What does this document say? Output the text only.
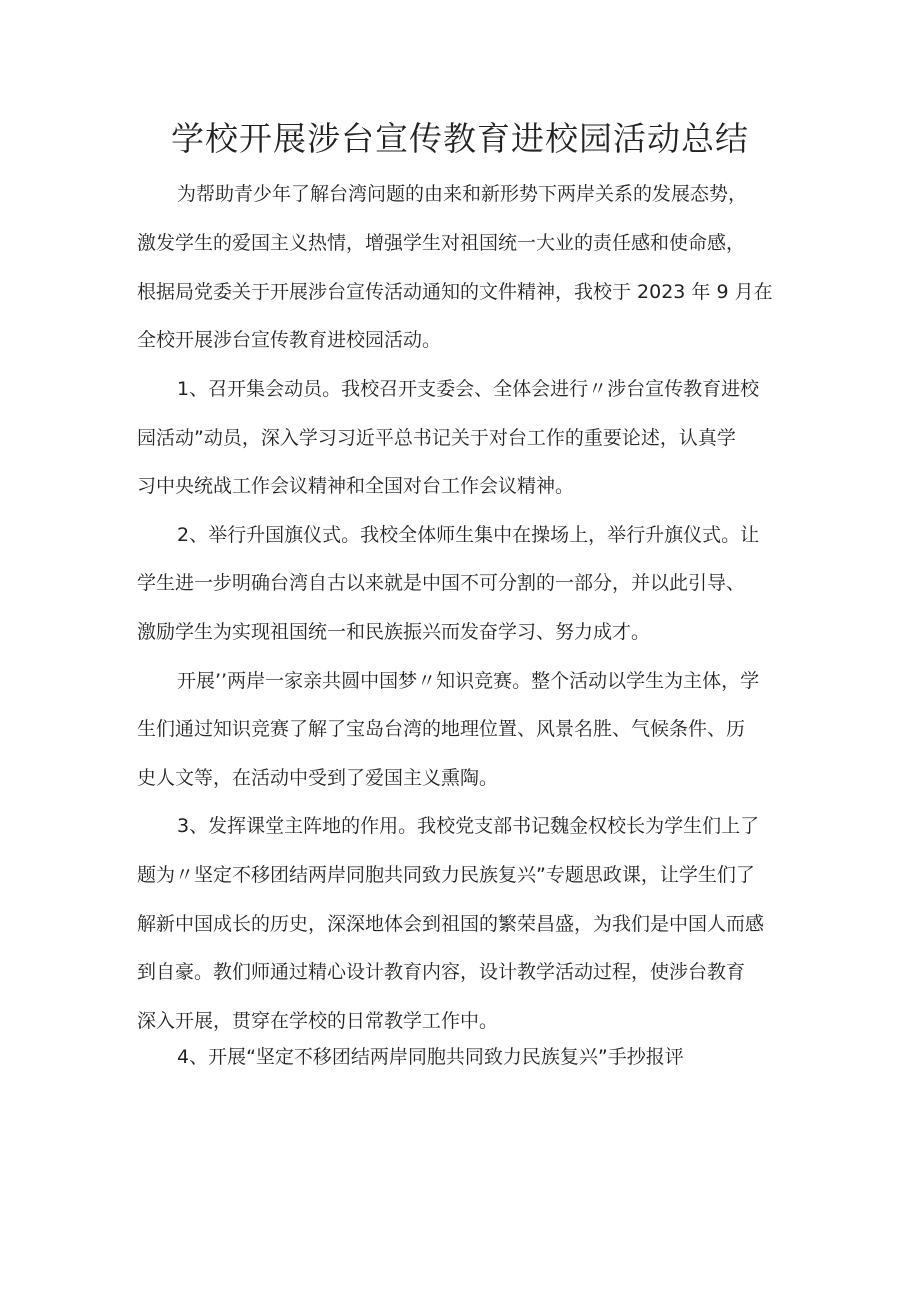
学校开展涉台宣传教育进校园活动总结
为帮助青少年了解台湾问题的由来和新形势下两岸关系的发展态势，
激发学生的爱国主义热情，增强学生对祖国统一大业的责任感和使命感，
根据局党委关于开展涉台宣传活动通知的文件精神，我校于 2023 年 9 月在
全校开展涉台宣传教育进校园活动。
1、召开集会动员。我校召开支委会、全体会进行〃涉台宣传教育进校
园活动”动员，深入学习习近平总书记关于对台工作的重要论述，认真学
习中央统战工作会议精神和全国对台工作会议精神。
2、举行升国旗仪式。我校全体师生集中在操场上，举行升旗仪式。让
学生进一步明确台湾自古以来就是中国不可分割的一部分，并以此引导、
激励学生为实现祖国统一和民族振兴而发奋学习、努力成才。
开展’’两岸一家亲共圆中国梦〃知识竞赛。整个活动以学生为主体，学
生们通过知识竞赛了解了宝岛台湾的地理位置、风景名胜、气候条件、历
史人文等，在活动中受到了爱国主义熏陶。
3、发挥课堂主阵地的作用。我校党支部书记魏金权校长为学生们上了
题为〃坚定不移团结两岸同胞共同致力民族复兴”专题思政课，让学生们了
解新中国成长的历史，深深地体会到祖国的繁荣昌盛，为我们是中国人而感
到自豪。教们师通过精心设计教育内容，设计教学活动过程，使涉台教育
深入开展，贯穿在学校的日常教学工作中。
4、开展“坚定不移团结两岸同胞共同致力民族复兴”手抄报评
